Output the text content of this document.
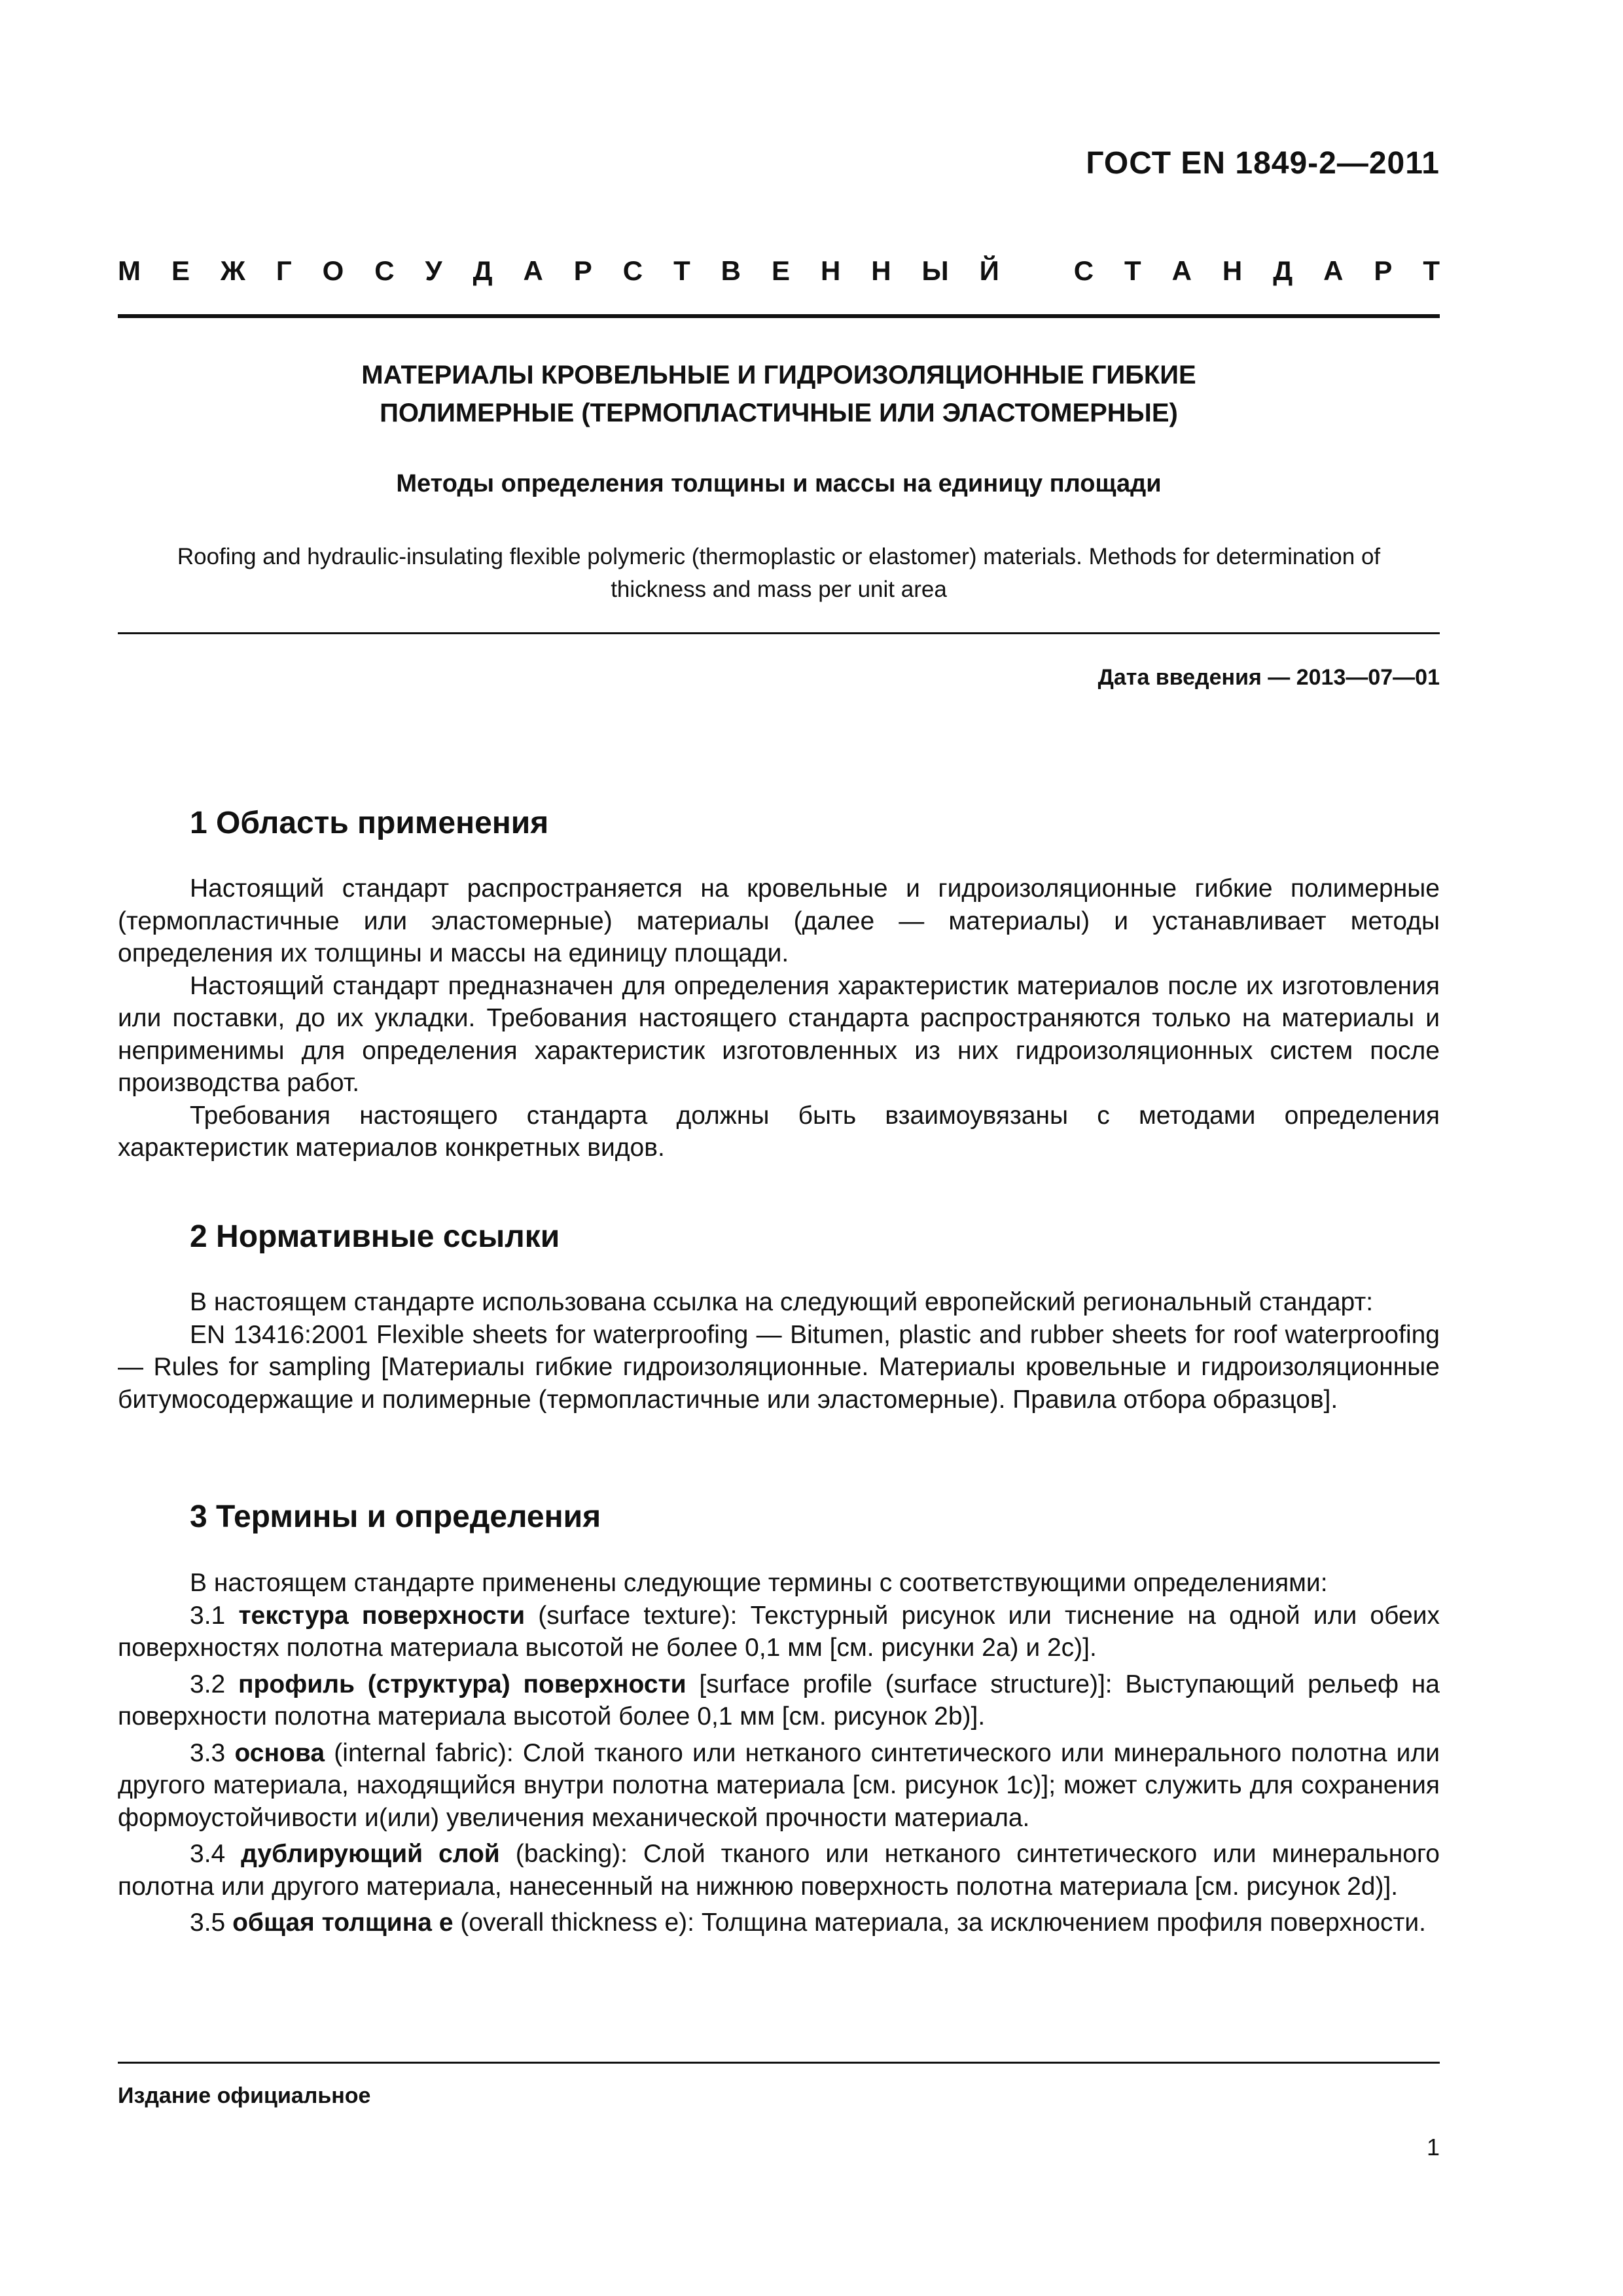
ГОСТ EN 1849-2—2011
М Е Ж Г О С У Д А Р С Т В Е Н Н Ы Й	С Т А Н Д А Р Т
МАТЕРИАЛЫ КРОВЕЛЬНЫЕ И ГИДРОИЗОЛЯЦИОННЫЕ ГИБКИЕ
ПОЛИМЕРНЫЕ (ТЕРМОПЛАСТИЧНЫЕ ИЛИ ЭЛАСТОМЕРНЫЕ)
Методы определения толщины и массы на единицу площади
Roofing and hydraulic-insulating flexible polymeric (thermoplastic or elastomer) materials. Methods for determination of
thickness and mass per unit area
Дата введения — 2013—07—01
1 Область применения

Настоящий стандарт распространяется на кровельные и гидроизоляционные гибкие полимерные (термопластичные или эластомерные) материалы (далее — материалы) и устанавливает методы определения их толщины и массы на единицу площади.

Настоящий стандарт предназначен для определения характеристик материалов после их изготовления или поставки, до их укладки. Требования настоящего стандарта распространяются только на материалы и неприменимы для определения характеристик изготовленных из них гидроизоляционных систем после производства работ.

Требования настоящего стандарта должны быть взаимоувязаны с методами определения характеристик материалов конкретных видов.

2 Нормативные ссылки

В настоящем стандарте использована ссылка на следующий европейский региональный стандарт:

EN 13416:2001 Flexible sheets for waterproofing — Bitumen, plastic and rubber sheets for roof waterproofing — Rules for sampling [Материалы гибкие гидроизоляционные. Материалы кровельные и гидроизоляционные битумосодержащие и полимерные (термопластичные или эластомерные). Правила отбора образцов].

3 Термины и определения

В настоящем стандарте применены следующие термины с соответствующими определениями:

3.1 текстура поверхности (surface texture): Текстурный рисунок или тиснение на одной или обеих поверхностях полотна материала высотой не более 0,1 мм [см. рисунки 2а) и 2с)].

3.2 профиль (структура) поверхности [surface profile (surface structure)]: Выступающий рельеф на поверхности полотна материала высотой более 0,1 мм [см. рисунок 2b)].

3.3 основа (internal fabric): Слой тканого или нетканого синтетического или минерального полотна или другого материала, находящийся внутри полотна материала [см. рисунок 1с)]; может служить для сохранения формоустойчивости и(или) увеличения механической прочности материала.

3.4 дублирующий слой (backing): Слой тканого или нетканого синтетического или минерального полотна или другого материала, нанесенный на нижнюю поверхность полотна материала [см. рисунок 2d)].

3.5 общая толщина е (overall thickness e): Толщина материала, за исключением профиля поверхности.

Издание официальное
1
